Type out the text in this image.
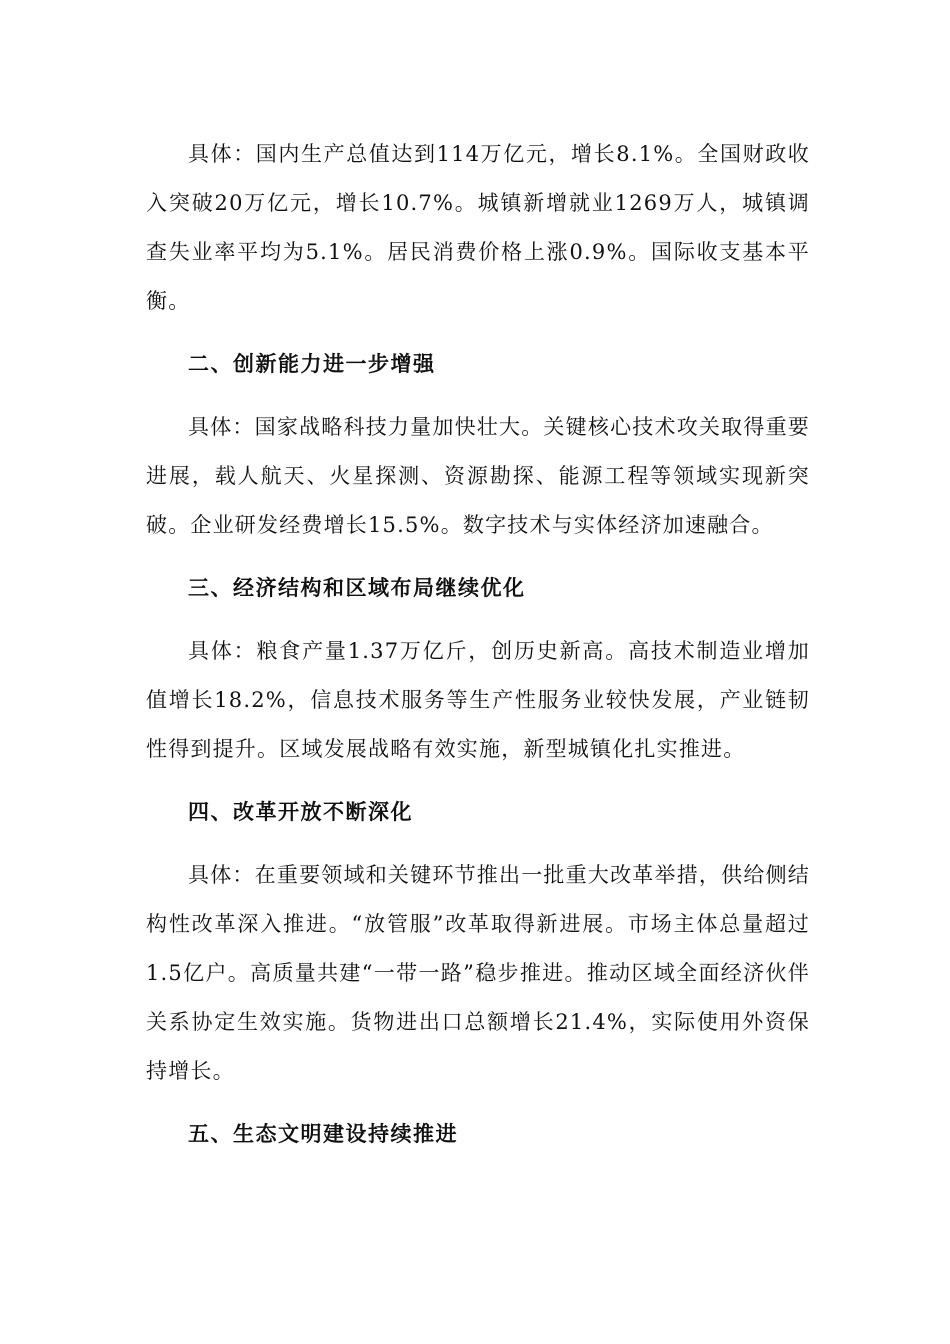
具体：国内生产总值达到114万亿元，增长8.1%。全国财政收入突破20万亿元，增长10.7%。城镇新增就业1269万人，城镇调查失业率平均为5.1%。居民消费价格上涨0.9%。国际收支基本平衡。

二、创新能力进一步增强

具体：国家战略科技力量加快壮大。关键核心技术攻关取得重要进展，载人航天、火星探测、资源勘探、能源工程等领域实现新突破。企业研发经费增长15.5%。数字技术与实体经济加速融合。

三、经济结构和区域布局继续优化

具体：粮食产量1.37万亿斤，创历史新高。高技术制造业增加值增长18.2%，信息技术服务等生产性服务业较快发展，产业链韧性得到提升。区域发展战略有效实施，新型城镇化扎实推进。

四、改革开放不断深化

具体：在重要领域和关键环节推出一批重大改革举措，供给侧结构性改革深入推进。“放管服”改革取得新进展。市场主体总量超过1.5亿户。高质量共建“一带一路”稳步推进。推动区域全面经济伙伴关系协定生效实施。货物进出口总额增长21.4%，实际使用外资保持增长。

五、生态文明建设持续推进
